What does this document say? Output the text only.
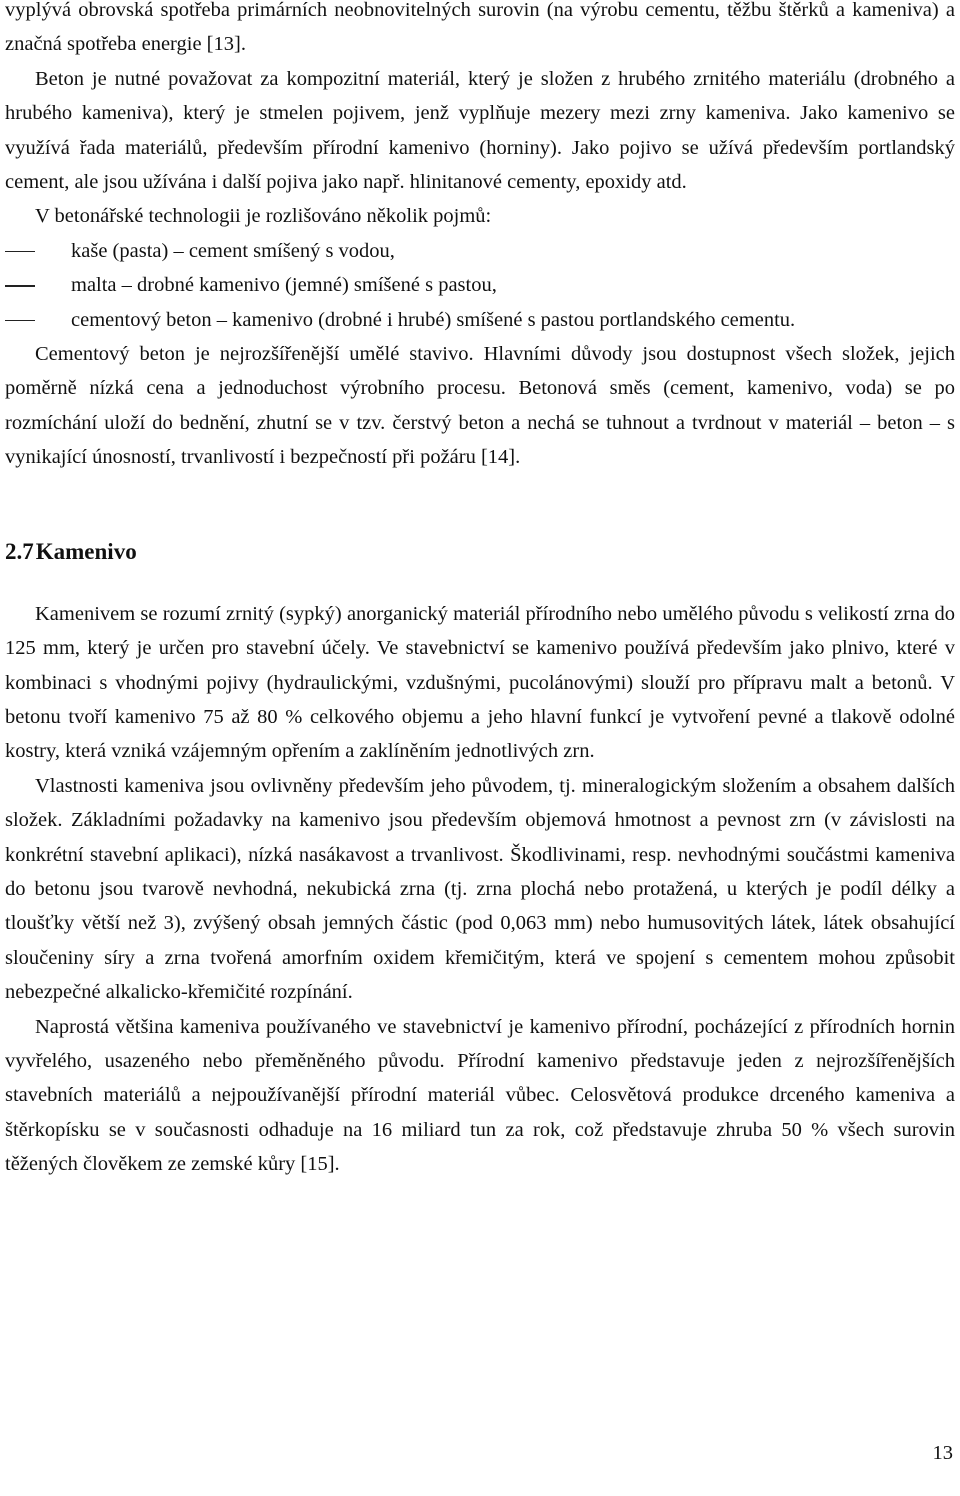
vyplývá obrovská spotřeba primárních neobnovitelných surovin (na výrobu cementu, těžbu štěrků a kameniva) a značná spotřeba energie [13].

Beton je nutné považovat za kompozitní materiál, který je složen z hrubého zrnitého materiálu (drobného a hrubého kameniva), který je stmelen pojivem, jenž vyplňuje mezery mezi zrny kameniva. Jako kamenivo se využívá řada materiálů, především přírodní kamenivo (horniny). Jako pojivo se užívá především portlandský cement, ale jsou užívána i další pojiva jako např. hlinitanové cementy, epoxidy atd.

V betonářské technologii je rozlišováno několik pojmů:

kaše (pasta) – cement smíšený s vodou,
malta – drobné kamenivo (jemné) smíšené s pastou,
cementový beton – kamenivo (drobné i hrubé) smíšené s pastou portlandského cementu.

Cementový beton je nejrozšířenější umělé stavivo. Hlavními důvody jsou dostupnost všech složek, jejich poměrně nízká cena a jednoduchost výrobního procesu. Betonová směs (cement, kamenivo, voda) se po rozmíchání uloží do bednění, zhutní se v tzv. čerstvý beton a nechá se tuhnout a tvrdnout v materiál – beton – s vynikající únosností, trvanlivostí i bezpečností při požáru [14].

2.7Kamenivo

Kamenivem se rozumí zrnitý (sypký) anorganický materiál přírodního nebo umělého původu s velikostí zrna do 125 mm, který je určen pro stavební účely. Ve stavebnictví se kamenivo používá především jako plnivo, které v kombinaci s vhodnými pojivy (hydraulickými, vzdušnými, pucolánovými) slouží pro přípravu malt a betonů. V betonu tvoří kamenivo 75 až 80 % celkového objemu a jeho hlavní funkcí je vytvoření pevné a tlakově odolné kostry, která vzniká vzájemným opřením a zaklíněním jednotlivých zrn.

Vlastnosti kameniva jsou ovlivněny především jeho původem, tj. mineralogickým složením a obsahem dalších složek. Základními požadavky na kamenivo jsou především objemová hmotnost a pevnost zrn (v závislosti na konkrétní stavební aplikaci), nízká nasákavost a trvanlivost. Škodlivinami, resp. nevhodnými součástmi kameniva do betonu jsou tvarově nevhodná, nekubická zrna (tj. zrna plochá nebo protažená, u kterých je podíl délky a tloušťky větší než 3), zvýšený obsah jemných částic (pod 0,063 mm) nebo humusovitých látek, látek obsahující sloučeniny síry a zrna tvořená amorfním oxidem křemičitým, která ve spojení s cementem mohou způsobit nebezpečné alkalicko-křemičité rozpínání.

Naprostá většina kameniva používaného ve stavebnictví je kamenivo přírodní, pocházející z přírodních hornin vyvřelého, usazeného nebo přeměněného původu. Přírodní kamenivo představuje jeden z nejrozšířenějších stavebních materiálů a nejpoužívanější přírodní materiál vůbec. Celosvětová produkce drceného kameniva a štěrkopísku se v současnosti odhaduje na 16 miliard tun za rok, což představuje zhruba 50 % všech surovin těžených člověkem ze zemské kůry [15].

13
